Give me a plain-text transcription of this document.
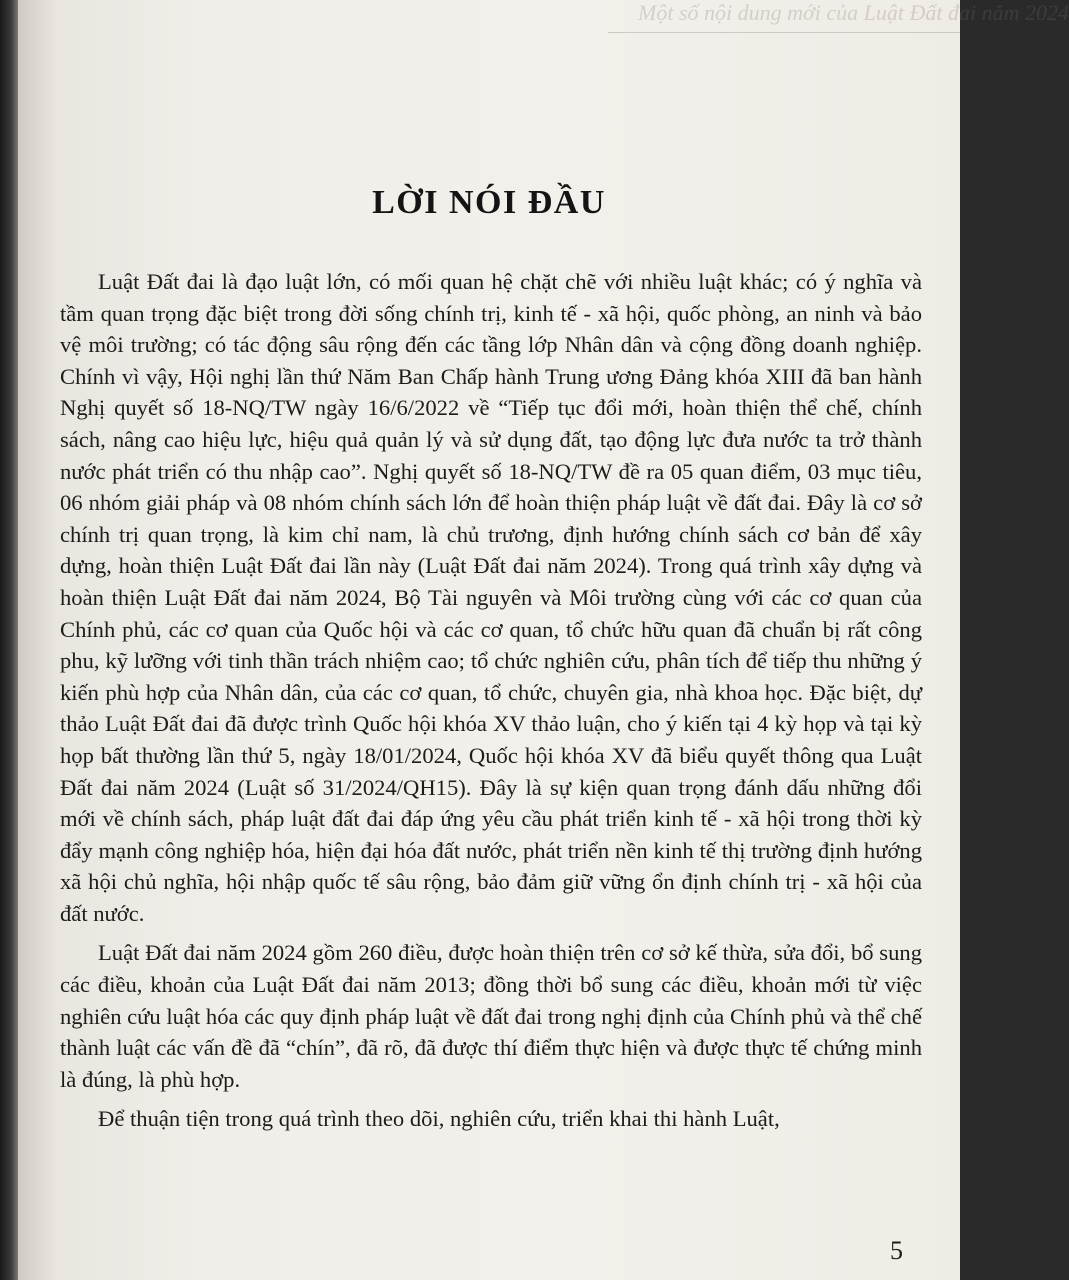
Một số nội dung mới của Luật Đất đai năm 2024
LỜI NÓI ĐẦU

Luật Đất đai là đạo luật lớn, có mối quan hệ chặt chẽ với nhiều luật khác; có ý nghĩa và tầm quan trọng đặc biệt trong đời sống chính trị, kinh tế - xã hội, quốc phòng, an ninh và bảo vệ môi trường; có tác động sâu rộng đến các tầng lớp Nhân dân và cộng đồng doanh nghiệp. Chính vì vậy, Hội nghị lần thứ Năm Ban Chấp hành Trung ương Đảng khóa XIII đã ban hành Nghị quyết số 18-NQ/TW ngày 16/6/2022 về “Tiếp tục đổi mới, hoàn thiện thể chế, chính sách, nâng cao hiệu lực, hiệu quả quản lý và sử dụng đất, tạo động lực đưa nước ta trở thành nước phát triển có thu nhập cao”. Nghị quyết số 18-NQ/TW đề ra 05 quan điểm, 03 mục tiêu, 06 nhóm giải pháp và 08 nhóm chính sách lớn để hoàn thiện pháp luật về đất đai. Đây là cơ sở chính trị quan trọng, là kim chỉ nam, là chủ trương, định hướng chính sách cơ bản để xây dựng, hoàn thiện Luật Đất đai lần này (Luật Đất đai năm 2024). Trong quá trình xây dựng và hoàn thiện Luật Đất đai năm 2024, Bộ Tài nguyên và Môi trường cùng với các cơ quan của Chính phủ, các cơ quan của Quốc hội và các cơ quan, tổ chức hữu quan đã chuẩn bị rất công phu, kỹ lưỡng với tinh thần trách nhiệm cao; tổ chức nghiên cứu, phân tích để tiếp thu những ý kiến phù hợp của Nhân dân, của các cơ quan, tổ chức, chuyên gia, nhà khoa học. Đặc biệt, dự thảo Luật Đất đai đã được trình Quốc hội khóa XV thảo luận, cho ý kiến tại 4 kỳ họp và tại kỳ họp bất thường lần thứ 5, ngày 18/01/2024, Quốc hội khóa XV đã biểu quyết thông qua Luật Đất đai năm 2024 (Luật số 31/2024/QH15). Đây là sự kiện quan trọng đánh dấu những đổi mới về chính sách, pháp luật đất đai đáp ứng yêu cầu phát triển kinh tế - xã hội trong thời kỳ đẩy mạnh công nghiệp hóa, hiện đại hóa đất nước, phát triển nền kinh tế thị trường định hướng xã hội chủ nghĩa, hội nhập quốc tế sâu rộng, bảo đảm giữ vững ổn định chính trị - xã hội của đất nước.

Luật Đất đai năm 2024 gồm 260 điều, được hoàn thiện trên cơ sở kế thừa, sửa đổi, bổ sung các điều, khoản của Luật Đất đai năm 2013; đồng thời bổ sung các điều, khoản mới từ việc nghiên cứu luật hóa các quy định pháp luật về đất đai trong nghị định của Chính phủ và thể chế thành luật các vấn đề đã “chín”, đã rõ, đã được thí điểm thực hiện và được thực tế chứng minh là đúng, là phù hợp.

Để thuận tiện trong quá trình theo dõi, nghiên cứu, triển khai thi hành Luật,

5
